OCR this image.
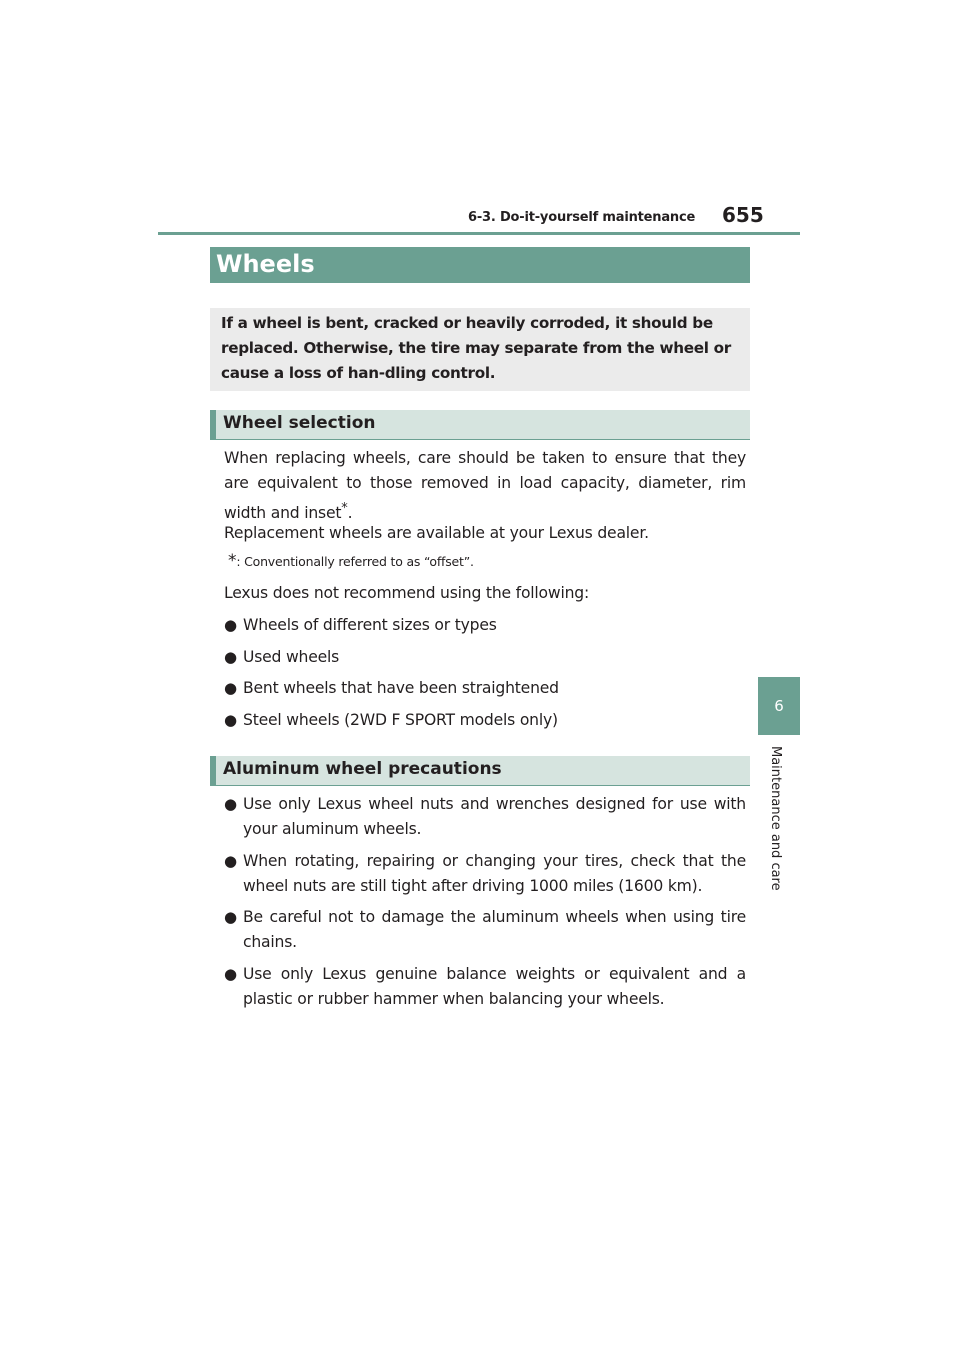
6-3. Do-it-yourself maintenance 655
6
Maintenance and care
Wheels
If a wheel is bent, cracked or heavily corroded, it should be replaced. Otherwise, the tire may separate from the wheel or cause a loss of han-dling control.
Wheel selection
When replacing wheels, care should be taken to ensure that they are equivalent to those removed in load capacity, diameter, rim width and inset*.
Replacement wheels are available at your Lexus dealer.
*: Conventionally referred to as “offset”.
Lexus does not recommend using the following:
● Wheels of different sizes or types
● Used wheels
● Bent wheels that have been straightened
● Steel wheels (2WD F SPORT models only)
Aluminum wheel precautions
● Use only Lexus wheel nuts and wrenches designed for use with your aluminum wheels.
● When rotating, repairing or changing your tires, check that the wheel nuts are still tight after driving 1000 miles (1600 km).
● Be careful not to damage the aluminum wheels when using tire chains.
● Use only Lexus genuine balance weights or equivalent and a plastic or rubber hammer when balancing your wheels.
